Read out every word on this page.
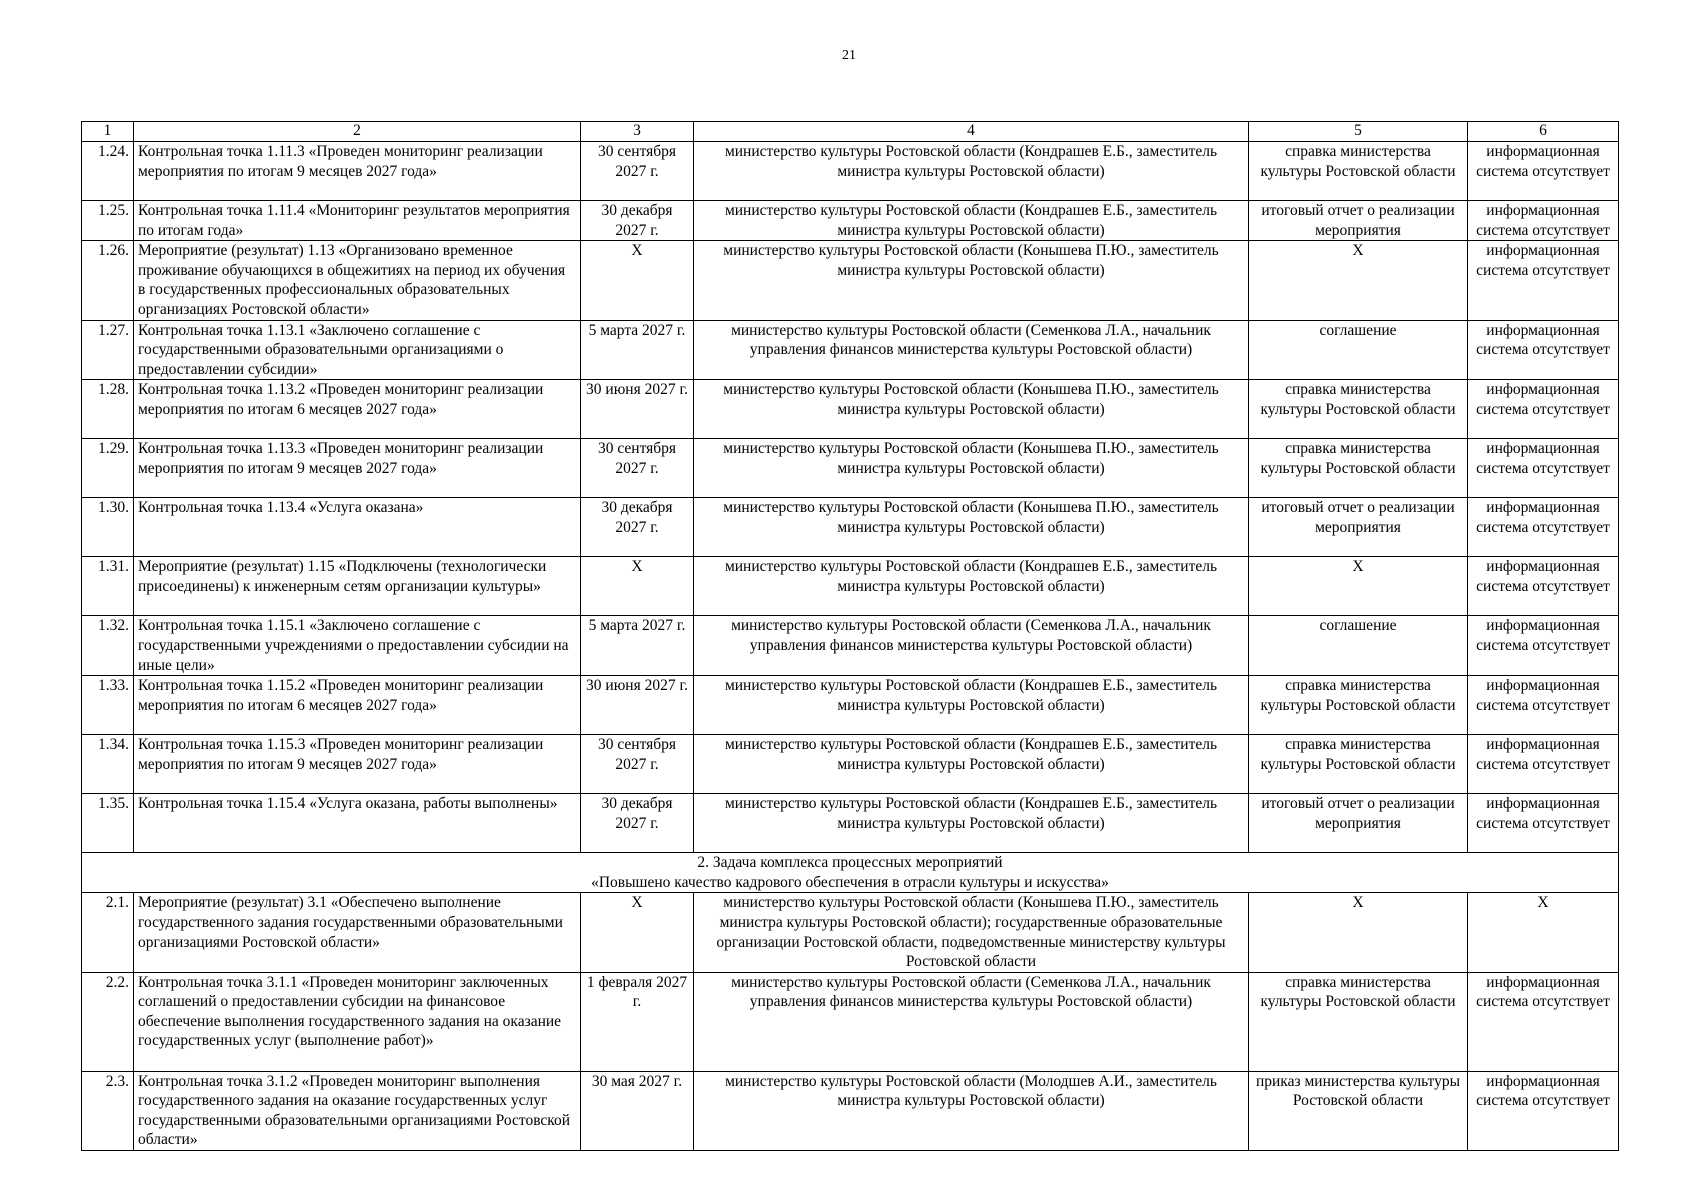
21
1	2	3	4	5	6
1.24.	Контрольная точка 1.11.3 «Проведен мониторинг реализации мероприятия по итогам 9 месяцев 2027 года»	30 сентября 2027 г.	министерство культуры Ростовской области (Кондрашев Е.Б., заместитель министра культуры Ростовской области)	справка министерства культуры Ростовской области	информационная система отсутствует
1.25.	Контрольная точка 1.11.4 «Мониторинг результатов мероприятия по итогам года»	30 декабря 2027 г.	министерство культуры Ростовской области (Кондрашев Е.Б., заместитель министра культуры Ростовской области)	итоговый отчет о реализации мероприятия	информационная система отсутствует
1.26.	Мероприятие (результат) 1.13 «Организовано временное проживание обучающихся в общежитиях на период их обучения в государственных профессиональных образовательных организациях Ростовской области»	Х	министерство культуры Ростовской области (Конышева П.Ю., заместитель министра культуры Ростовской области)	Х	информационная система отсутствует
1.27.	Контрольная точка 1.13.1 «Заключено соглашение с государственными образовательными организациями о предоставлении субсидии»	5 марта 2027 г.	министерство культуры Ростовской области (Семенкова Л.А., начальник управления финансов министерства культуры Ростовской области)	соглашение	информационная система отсутствует
1.28.	Контрольная точка 1.13.2 «Проведен мониторинг реализации мероприятия по итогам 6 месяцев 2027 года»	30 июня 2027 г.	министерство культуры Ростовской области (Конышева П.Ю., заместитель министра культуры Ростовской области)	справка министерства культуры Ростовской области	информационная система отсутствует
1.29.	Контрольная точка 1.13.3 «Проведен мониторинг реализации мероприятия по итогам 9 месяцев 2027 года»	30 сентября 2027 г.	министерство культуры Ростовской области (Конышева П.Ю., заместитель министра культуры Ростовской области)	справка министерства культуры Ростовской области	информационная система отсутствует
1.30.	Контрольная точка 1.13.4 «Услуга оказана»	30 декабря 2027 г.	министерство культуры Ростовской области (Конышева П.Ю., заместитель министра культуры Ростовской области)	итоговый отчет о реализации мероприятия	информационная система отсутствует
1.31.	Мероприятие (результат) 1.15 «Подключены (технологически присоединены) к инженерным сетям организации культуры»	Х	министерство культуры Ростовской области (Кондрашев Е.Б., заместитель министра культуры Ростовской области)	Х	информационная система отсутствует
1.32.	Контрольная точка 1.15.1 «Заключено соглашение с государственными учреждениями о предоставлении субсидии на иные цели»	5 марта 2027 г.	министерство культуры Ростовской области (Семенкова Л.А., начальник управления финансов министерства культуры Ростовской области)	соглашение	информационная система отсутствует
1.33.	Контрольная точка 1.15.2 «Проведен мониторинг реализации мероприятия по итогам 6 месяцев 2027 года»	30 июня 2027 г.	министерство культуры Ростовской области (Кондрашев Е.Б., заместитель министра культуры Ростовской области)	справка министерства культуры Ростовской области	информационная система отсутствует
1.34.	Контрольная точка 1.15.3 «Проведен мониторинг реализации мероприятия по итогам 9 месяцев 2027 года»	30 сентября 2027 г.	министерство культуры Ростовской области (Кондрашев Е.Б., заместитель министра культуры Ростовской области)	справка министерства культуры Ростовской области	информационная система отсутствует
1.35.	Контрольная точка 1.15.4 «Услуга оказана, работы выполнены»	30 декабря 2027 г.	министерство культуры Ростовской области (Кондрашев Е.Б., заместитель министра культуры Ростовской области)	итоговый отчет о реализации мероприятия	информационная система отсутствует

2. Задача комплекса процессных мероприятий
«Повышено качество кадрового обеспечения в отрасли культуры и искусства»					

2.1.	Мероприятие (результат) 3.1 «Обеспечено выполнение государственного задания государственными образовательными организациями Ростовской области»	Х	министерство культуры Ростовской области (Конышева П.Ю., заместитель министра культуры Ростовской области); государственные образовательные организации Ростовской области, подведомственные министерству культуры Ростовской области	Х	Х
2.2.	Контрольная точка 3.1.1 «Проведен мониторинг заключенных соглашений о предоставлении субсидии на финансовое обеспечение выполнения государственного задания на оказание государственных услуг (выполнение работ)»	1 февраля 2027 г.	министерство культуры Ростовской области (Семенкова Л.А., начальник управления финансов министерства культуры Ростовской области)	справка министерства культуры Ростовской области	информационная система отсутствует
2.3.	Контрольная точка 3.1.2 «Проведен мониторинг выполнения государственного задания на оказание государственных услуг государственными образовательными организациями Ростовской области»	30 мая 2027 г.	министерство культуры Ростовской области (Молодшев А.И., заместитель министра культуры Ростовской области)	приказ министерства культуры Ростовской области	информационная система отсутствует
